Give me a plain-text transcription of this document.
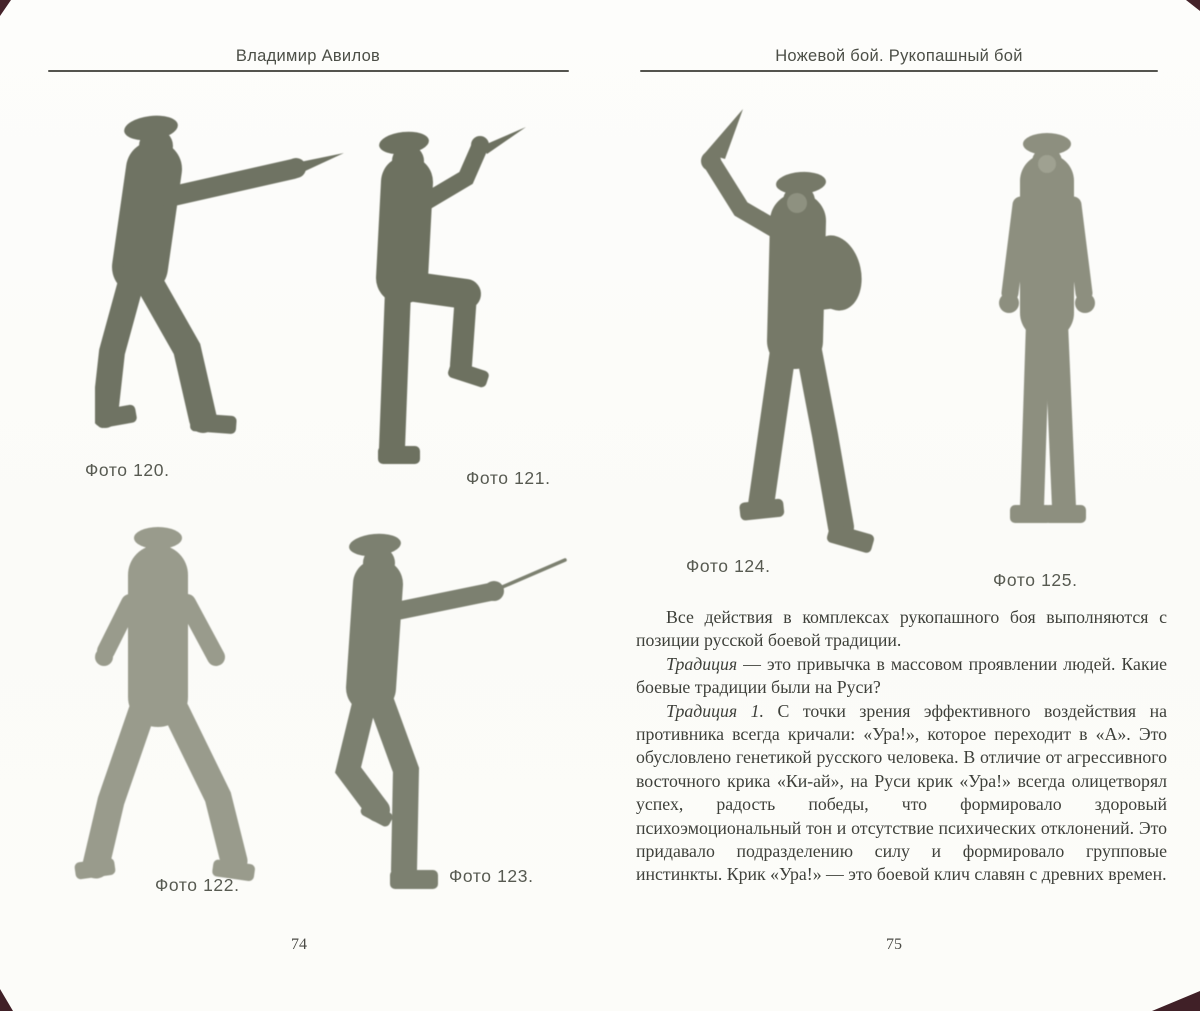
Владимир Авилов	Ножевой бой. Рукопашный бой
Фото 120.	Фото 121.
Фото 122.	Фото 123.
Фото 124.
Фото 125.

Все действия в комплексах рукопашного боя выполняются с позиции русской боевой традиции.

Традиция — это привычка в массовом проявлении людей. Какие боевые традиции были на Руси?

Традиция 1. С точки зрения эффективного воздействия на противника всегда кричали: «Ура!», которое переходит в «А». Это обусловлено генетикой русского человека. В отличие от агрессивного восточного крика «Ки-ай», на Руси крик «Ура!» всегда олицетворял успех, радость победы, что формировало здоровый психоэмоциональный тон и отсутствие психических отклонений. Это придавало подразделению силу и формировало групповые инстинкты. Крик «Ура!» — это боевой клич славян с древних времен.

74	75
